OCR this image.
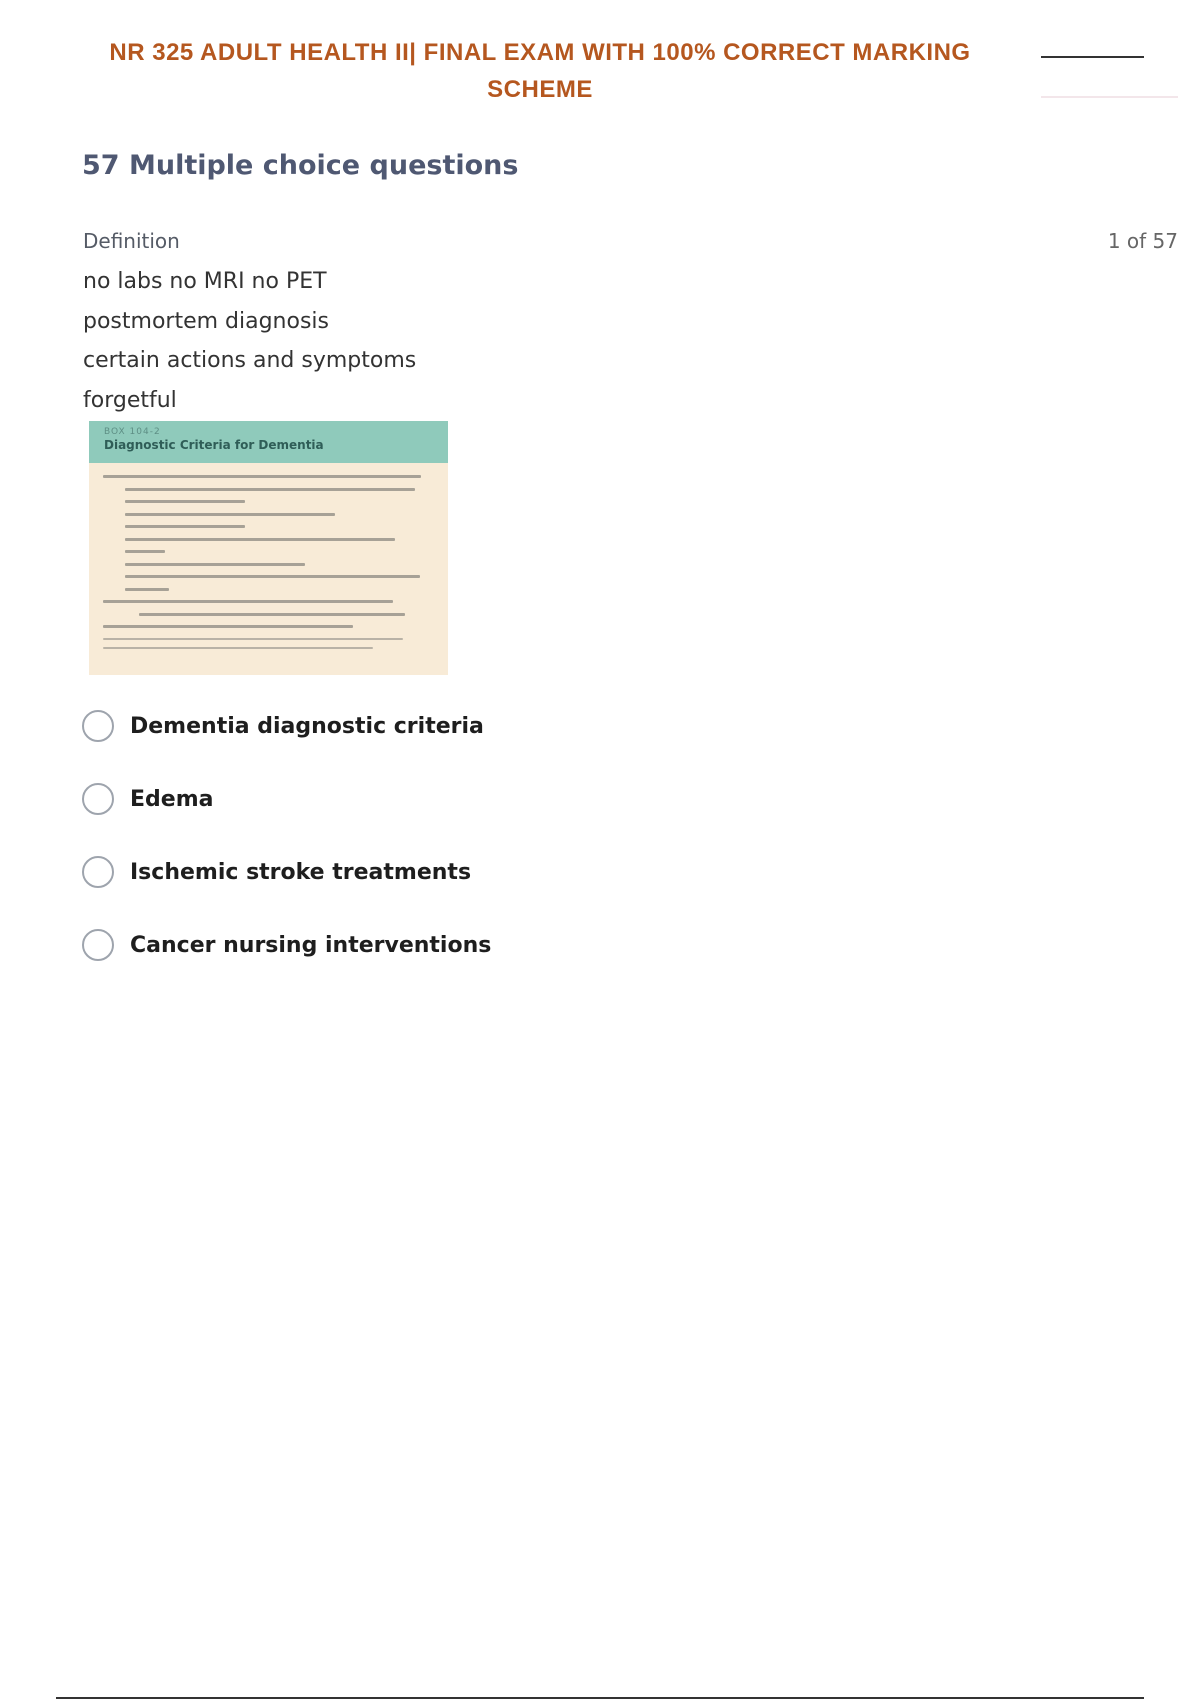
NR 325 ADULT HEALTH II| FINAL EXAM WITH 100% CORRECT MARKING
SCHEME
57 Multiple choice questions
Definition	1 of 57
no labs no MRI no PET
postmortem diagnosis
certain actions and symptoms
forgetful
BOX 104-2
Diagnostic Criteria for Dementia
Dementia diagnostic criteria
Edema
Ischemic stroke treatments
Cancer nursing interventions
